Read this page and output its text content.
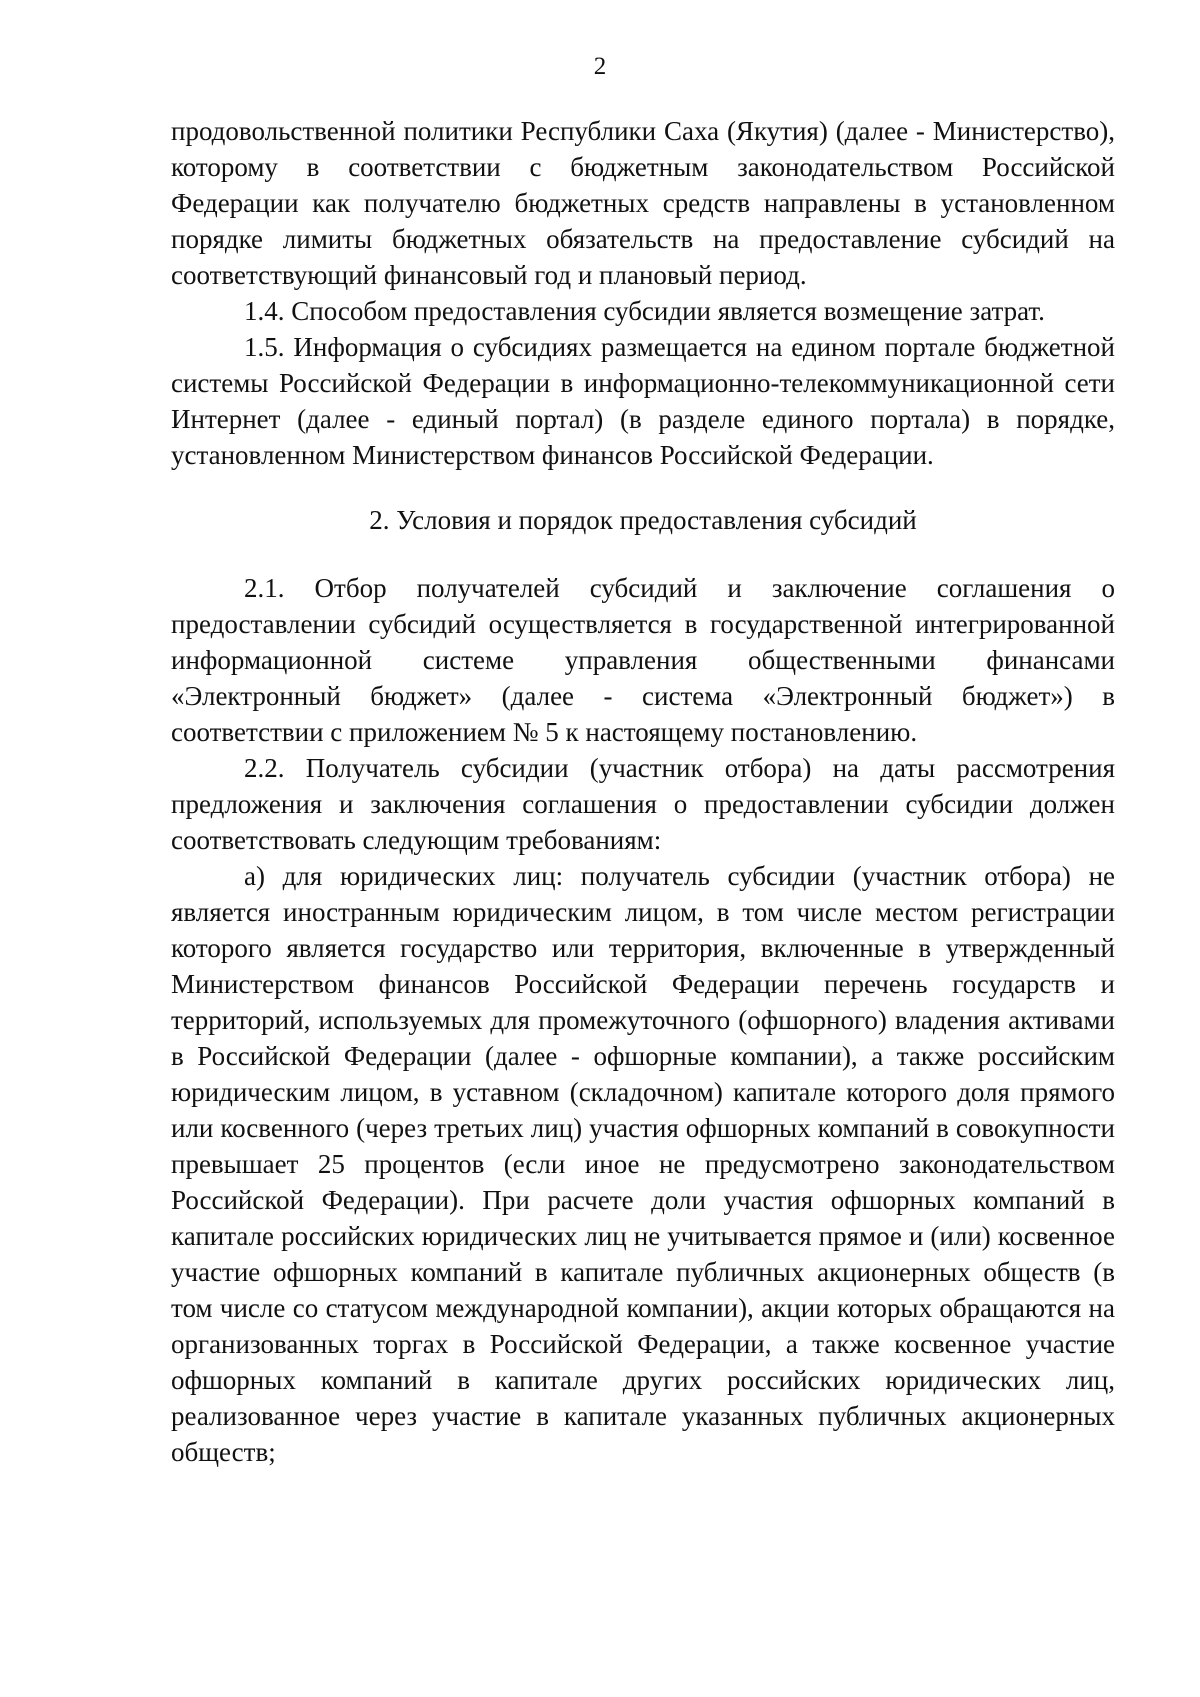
2

продовольственной политики Республики Саха (Якутия) (далее - Министерство), которому в соответствии с бюджетным законодательством Российской Федерации как получателю бюджетных средств направлены в установленном порядке лимиты бюджетных обязательств на предоставление субсидий на соответствующий финансовый год и плановый период.

1.4. Способом предоставления субсидии является возмещение затрат.

1.5. Информация о субсидиях размещается на едином портале бюджетной системы Российской Федерации в информационно-телекоммуникационной сети Интернет (далее - единый портал) (в разделе единого портала) в порядке, установленном Министерством финансов Российской Федерации.

2. Условия и порядок предоставления субсидий

2.1. Отбор получателей субсидий и заключение соглашения о предоставлении субсидий осуществляется в государственной интегрированной информационной системе управления общественными финансами «Электронный бюджет» (далее - система «Электронный бюджет») в соответствии с приложением № 5 к настоящему постановлению.

2.2. Получатель субсидии (участник отбора) на даты рассмотрения предложения и заключения соглашения о предоставлении субсидии должен соответствовать следующим требованиям:

а) для юридических лиц: получатель субсидии (участник отбора) не является иностранным юридическим лицом, в том числе местом регистрации которого является государство или территория, включенные в утвержденный Министерством финансов Российской Федерации перечень государств и территорий, используемых для промежуточного (офшорного) владения активами в Российской Федерации (далее - офшорные компании), а также российским юридическим лицом, в уставном (складочном) капитале которого доля прямого или косвенного (через третьих лиц) участия офшорных компаний в совокупности превышает 25 процентов (если иное не предусмотрено законодательством Российской Федерации). При расчете доли участия офшорных компаний в капитале российских юридических лиц не учитывается прямое и (или) косвенное участие офшорных компаний в капитале публичных акционерных обществ (в том числе со статусом международной компании), акции которых обращаются на организованных торгах в Российской Федерации, а также косвенное участие офшорных компаний в капитале других российских юридических лиц, реализованное через участие в капитале указанных публичных акционерных обществ;
